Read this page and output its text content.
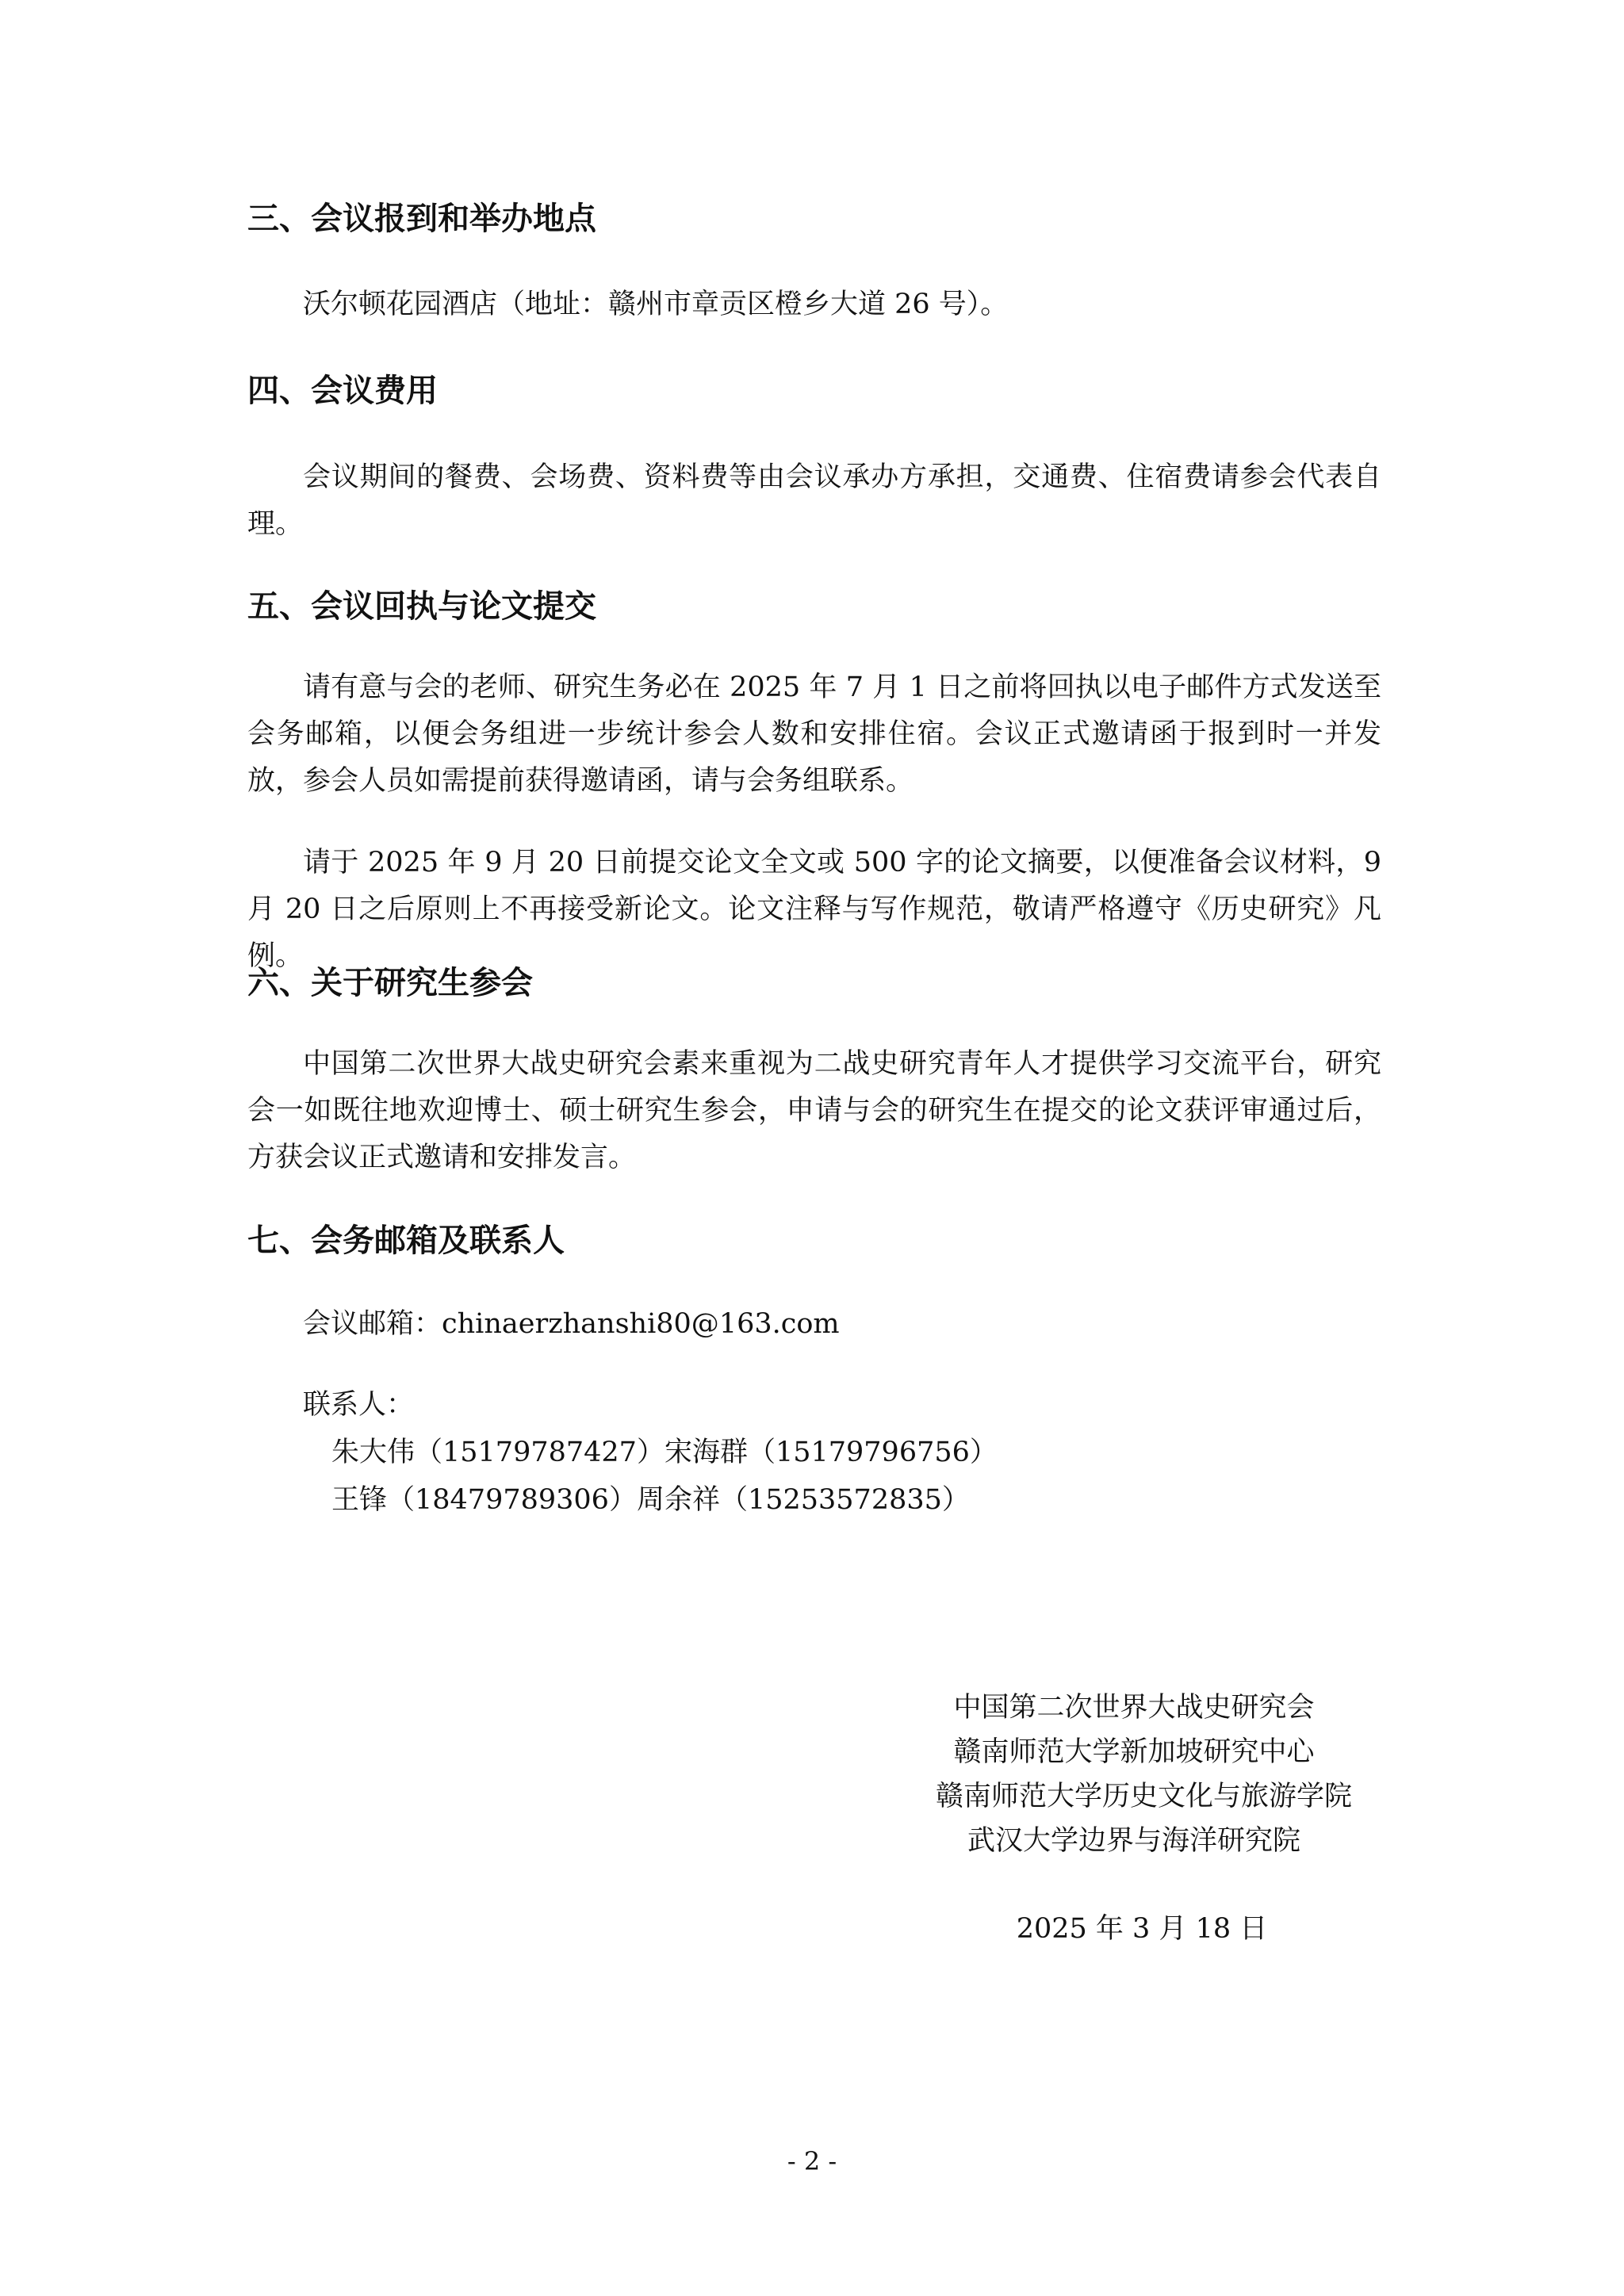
三、会议报到和举办地点

沃尔顿花园酒店（地址：赣州市章贡区橙乡大道 26 号）。

四、会议费用

会议期间的餐费、会场费、资料费等由会议承办方承担，交通费、住宿费请参会代表自理。

五、会议回执与论文提交

请有意与会的老师、研究生务必在 2025 年 7 月 1 日之前将回执以电子邮件方式发送至会务邮箱，以便会务组进一步统计参会人数和安排住宿。会议正式邀请函于报到时一并发放，参会人员如需提前获得邀请函，请与会务组联系。

请于 2025 年 9 月 20 日前提交论文全文或 500 字的论文摘要，以便准备会议材料，9 月 20 日之后原则上不再接受新论文。论文注释与写作规范，敬请严格遵守《历史研究》凡例。

六、关于研究生参会

中国第二次世界大战史研究会素来重视为二战史研究青年人才提供学习交流平台，研究会一如既往地欢迎博士、硕士研究生参会，申请与会的研究生在提交的论文获评审通过后，方获会议正式邀请和安排发言。

七、会务邮箱及联系人

会议邮箱：chinaerzhanshi80@163.com

联系人：

朱大伟（15179787427）宋海群（15179796756）

王锋（18479789306）周余祥（15253572835）

中国第二次世界大战史研究会

赣南师范大学新加坡研究中心

赣南师范大学历史文化与旅游学院

武汉大学边界与海洋研究院

2025 年 3 月 18 日

- 2 -
